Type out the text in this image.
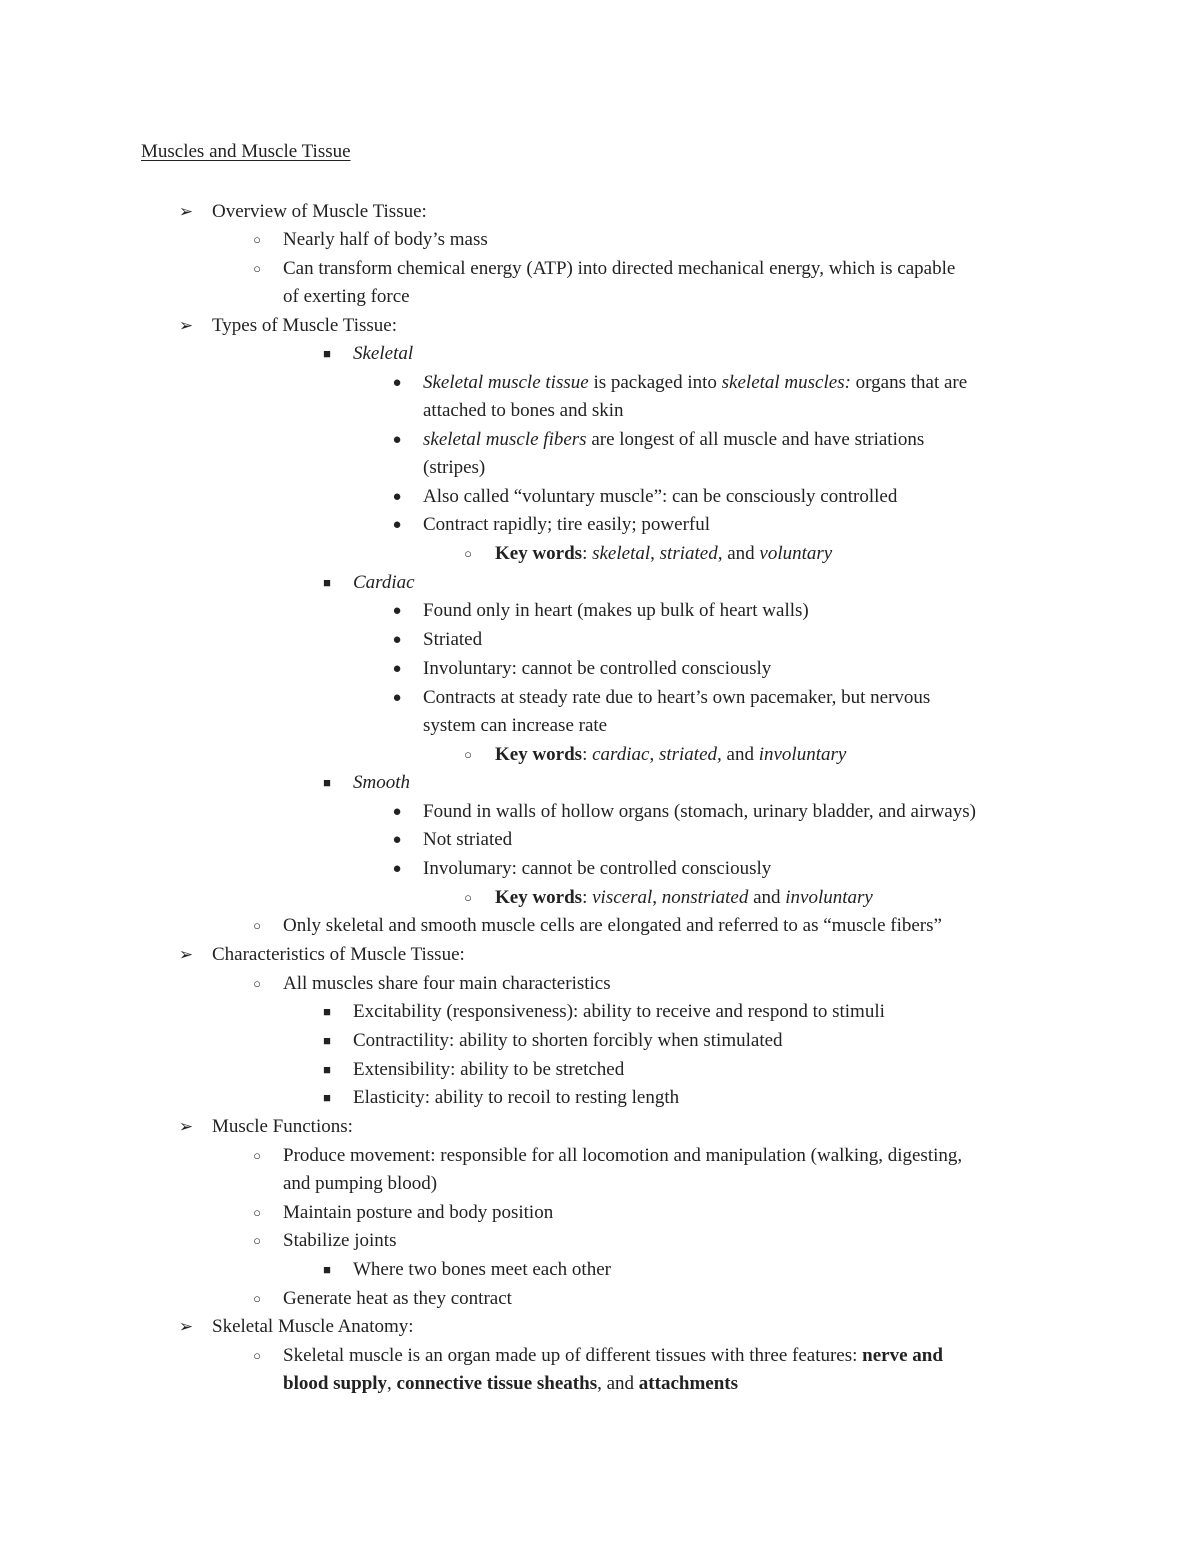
Muscles and Muscle Tissue
➢ Overview of Muscle Tissue:
○	Nearly half of body’s mass
○	Can transform chemical energy (ATP) into directed mechanical energy, which is capable
of exerting force
➢ Types of Muscle Tissue:
■	Skeletal
●	Skeletal muscle tissue is packaged into skeletal muscles: organs that are
attached to bones and skin
●	skeletal muscle fibers are longest of all muscle and have striations
(stripes)
●	Also called “voluntary muscle”: can be consciously controlled
●	Contract rapidly; tire easily; powerful
○	Key words: skeletal, striated, and voluntary
■	Cardiac
●	Found only in heart (makes up bulk of heart walls)
●	Striated
●	Involuntary: cannot be controlled consciously
●	Contracts at steady rate due to heart’s own pacemaker, but nervous
system can increase rate
○	Key words: cardiac, striated, and involuntary
■	Smooth
●	Found in walls of hollow organs (stomach, urinary bladder, and airways)
●	Not striated
●	Involumary: cannot be controlled consciously
○	Key words: visceral, nonstriated and involuntary
○	Only skeletal and smooth muscle cells are elongated and referred to as “muscle fibers”
➢ Characteristics of Muscle Tissue:
○	All muscles share four main characteristics
■	Excitability (responsiveness): ability to receive and respond to stimuli
■	Contractility: ability to shorten forcibly when stimulated
■	Extensibility: ability to be stretched
■	Elasticity: ability to recoil to resting length
➢ Muscle Functions:
○	Produce movement: responsible for all locomotion and manipulation (walking, digesting,
and pumping blood)
○	Maintain posture and body position
○	Stabilize joints
■	Where two bones meet each other
○	Generate heat as they contract
➢ Skeletal Muscle Anatomy:
○	Skeletal muscle is an organ made up of different tissues with three features: nerve and
blood supply, connective tissue sheaths, and attachments
